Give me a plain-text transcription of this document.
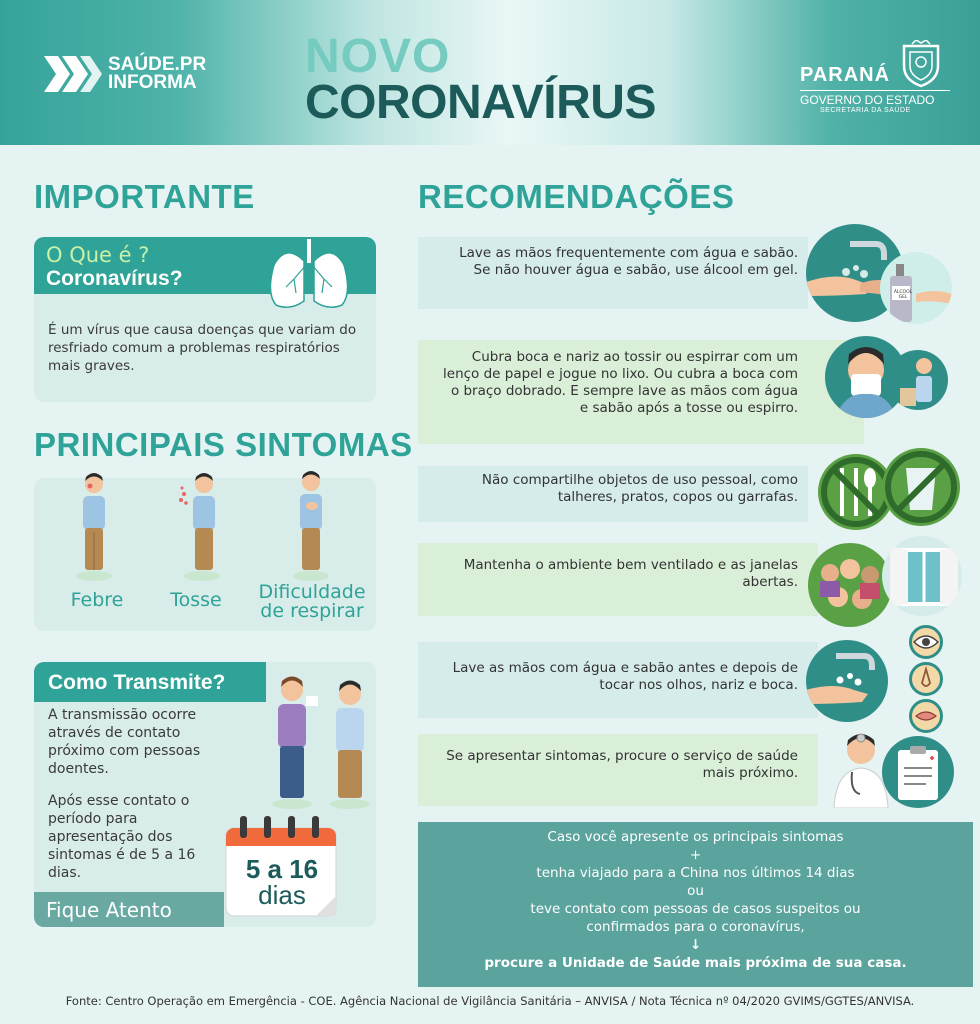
SAÚDE.PR
INFORMA NOVO
CORONAVÍRUS
PARANÁ
GOVERNO DO ESTADO
SECRETARIA DA SAÚDE
IMPORTANTE
O Que é ?
Coronavírus?
É um vírus que causa doenças que variam do resfriado comum a problemas respiratórios mais graves.
PRINCIPAIS SINTOMAS
Febre	Tosse	Dificuldade de respirar
Como Transmite?
A transmissão ocorre através de contato próximo com pessoas doentes.
Após esse contato o período para apresentação dos sintomas é de 5 a 16 dias.	5 a 16
dias
Fique Atento
RECOMENDAÇÕES
Lave as mãos frequentemente com água e sabão. Se não houver água e sabão, use álcool em gel.
ÁLCOOL GEL
Cubra boca e nariz ao tossir ou espirrar com um lenço de papel e jogue no lixo. Ou cubra a boca com o braço dobrado. E sempre lave as mãos com água e sabão após a tosse ou espirro.
Não compartilhe objetos de uso pessoal, como talheres, pratos, copos ou garrafas.
Mantenha o ambiente bem ventilado e as janelas abertas.
Lave as mãos com água e sabão antes e depois de tocar nos olhos, nariz e boca.
Se apresentar sintomas, procure o serviço de saúde mais próximo.
Caso você apresente os principais sintomas
+
tenha viajado para a China nos últimos 14 dias
ou
teve contato com pessoas de casos suspeitos ou
confirmados para o coronavírus,
↓
procure a Unidade de Saúde mais próxima de sua casa.
Fonte: Centro Operação em Emergência - COE. Agência Nacional de Vigilância Sanitária – ANVISA / Nota Técnica nº 04/2020 GVIMS/GGTES/ANVISA.
